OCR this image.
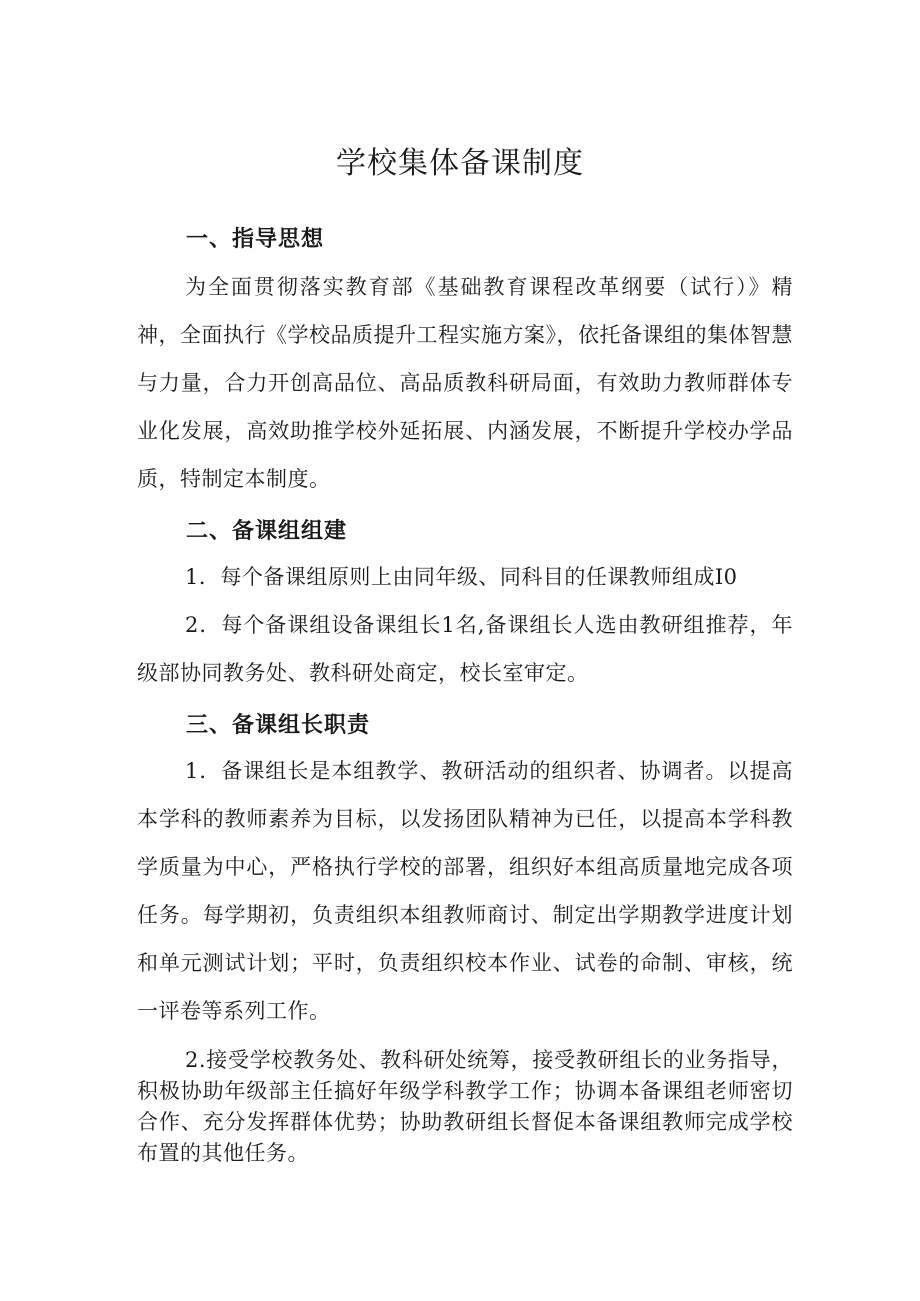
学校集体备课制度
一、指导思想

为全面贯彻落实教育部《基础教育课程改革纲要（试行）》精神，全面执行《学校品质提升工程实施方案》，依托备课组的集体智慧与力量，合力开创高品位、高品质教科研局面，有效助力教师群体专业化发展，高效助推学校外延拓展、内涵发展，不断提升学校办学品质，特制定本制度。

二、备课组组建

1．每个备课组原则上由同年级、同科目的任课教师组成I0

2．每个备课组设备课组长1名,备课组长人选由教研组推荐，年级部协同教务处、教科研处商定，校长室审定。

三、备课组长职责

1．备课组长是本组教学、教研活动的组织者、协调者。以提高本学科的教师素养为目标，以发扬团队精神为已任，以提高本学科教学质量为中心，严格执行学校的部署，组织好本组高质量地完成各项任务。每学期初，负责组织本组教师商讨、制定出学期教学进度计划和单元测试计划；平时，负责组织校本作业、试卷的命制、审核，统一评卷等系列工作。

2.接受学校教务处、教科研处统筹，接受教研组长的业务指导，积极协助年级部主任搞好年级学科教学工作；协调本备课组老师密切合作、充分发挥群体优势；协助教研组长督促本备课组教师完成学校布置的其他任务。
